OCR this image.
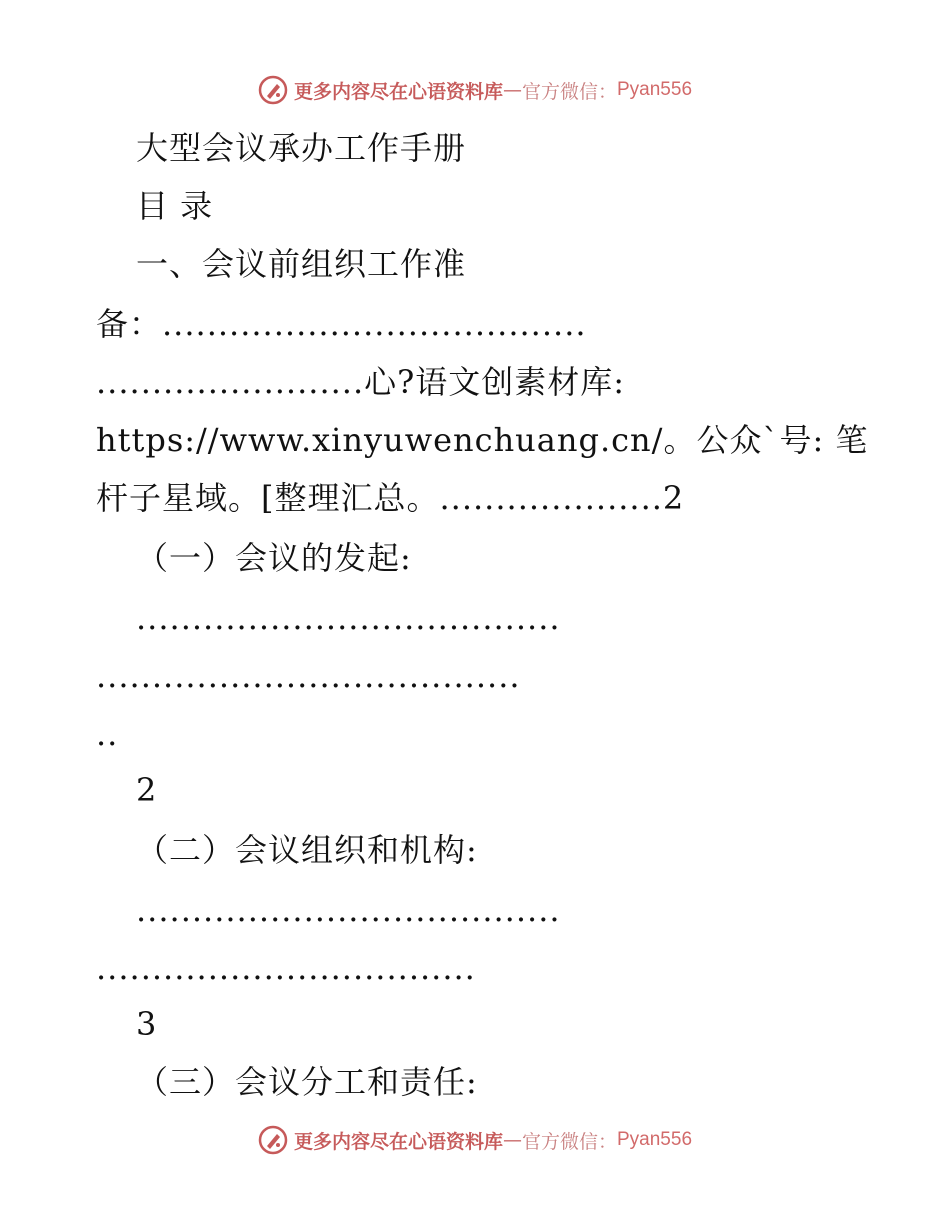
更多内容尽在心语资料库 — 官方微信： Pyan556
大型会议承办工作手册
目 录
一、会议前组织工作准
备：......................................
........................心?语文创素材库:
https://www.xinyuwenchuang.cn/。公众`号: 笔
杆子星域。[整理汇总。....................2
（一）会议的发起:
......................................
......................................
..
2
（二）会议组织和机构:
......................................
..................................
3
（三）会议分工和责任:
更多内容尽在心语资料库 — 官方微信： Pyan556
